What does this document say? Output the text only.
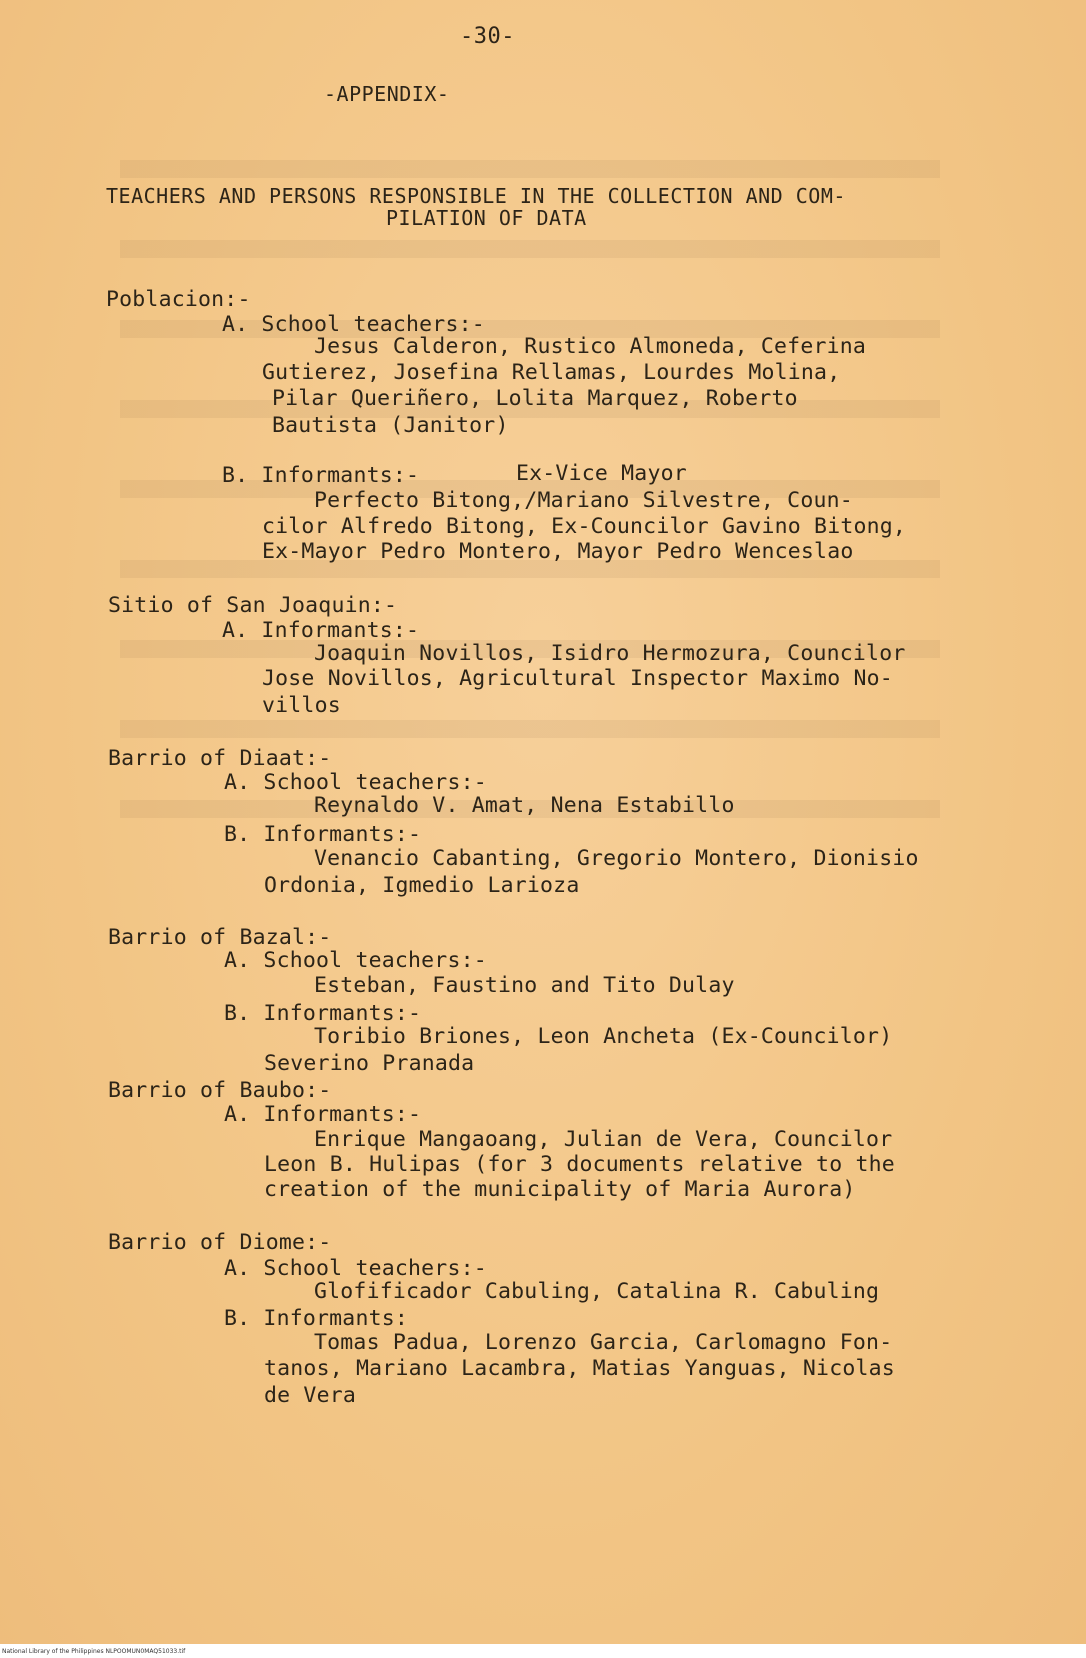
-30-
-APPENDIX-
TEACHERS AND PERSONS RESPONSIBLE IN THE COLLECTION AND COM-
PILATION OF DATA
Poblacion:-
A. School teachers:-
Jesus Calderon, Rustico Almoneda, Ceferina
Gutierez, Josefina Rellamas, Lourdes Molina,
Pilar Queriñero, Lolita Marquez, Roberto
Bautista (Janitor)
B. Informants:-	Ex-Vice Mayor
Perfecto Bitong,/Mariano Silvestre, Coun-
cilor Alfredo Bitong, Ex-Councilor Gavino Bitong,
Ex-Mayor Pedro Montero, Mayor Pedro Wenceslao
Sitio of San Joaquin:-
A. Informants:-
Joaquin Novillos, Isidro Hermozura, Councilor
Jose Novillos, Agricultural Inspector Maximo No-
villos
Barrio of Diaat:-
A. School teachers:-
Reynaldo V. Amat, Nena Estabillo
B. Informants:-
Venancio Cabanting, Gregorio Montero, Dionisio
Ordonia, Igmedio Larioza
Barrio of Bazal:-
A. School teachers:-
Esteban, Faustino and Tito Dulay
B. Informants:-
Toribio Briones, Leon Ancheta (Ex-Councilor)
Severino Pranada
Barrio of Baubo:-
A. Informants:-
Enrique Mangaoang, Julian de Vera, Councilor
Leon B. Hulipas (for 3 documents relative to the
creation of the municipality of Maria Aurora)
Barrio of Diome:-
A. School teachers:-
Glofificador Cabuling, Catalina R. Cabuling
B. Informants:
Tomas Padua, Lorenzo Garcia, Carlomagno Fon-
tanos, Mariano Lacambra, Matias Yanguas, Nicolas
de Vera
National Library of the Philippines NLPOOMUN0MAQ51033.tif
